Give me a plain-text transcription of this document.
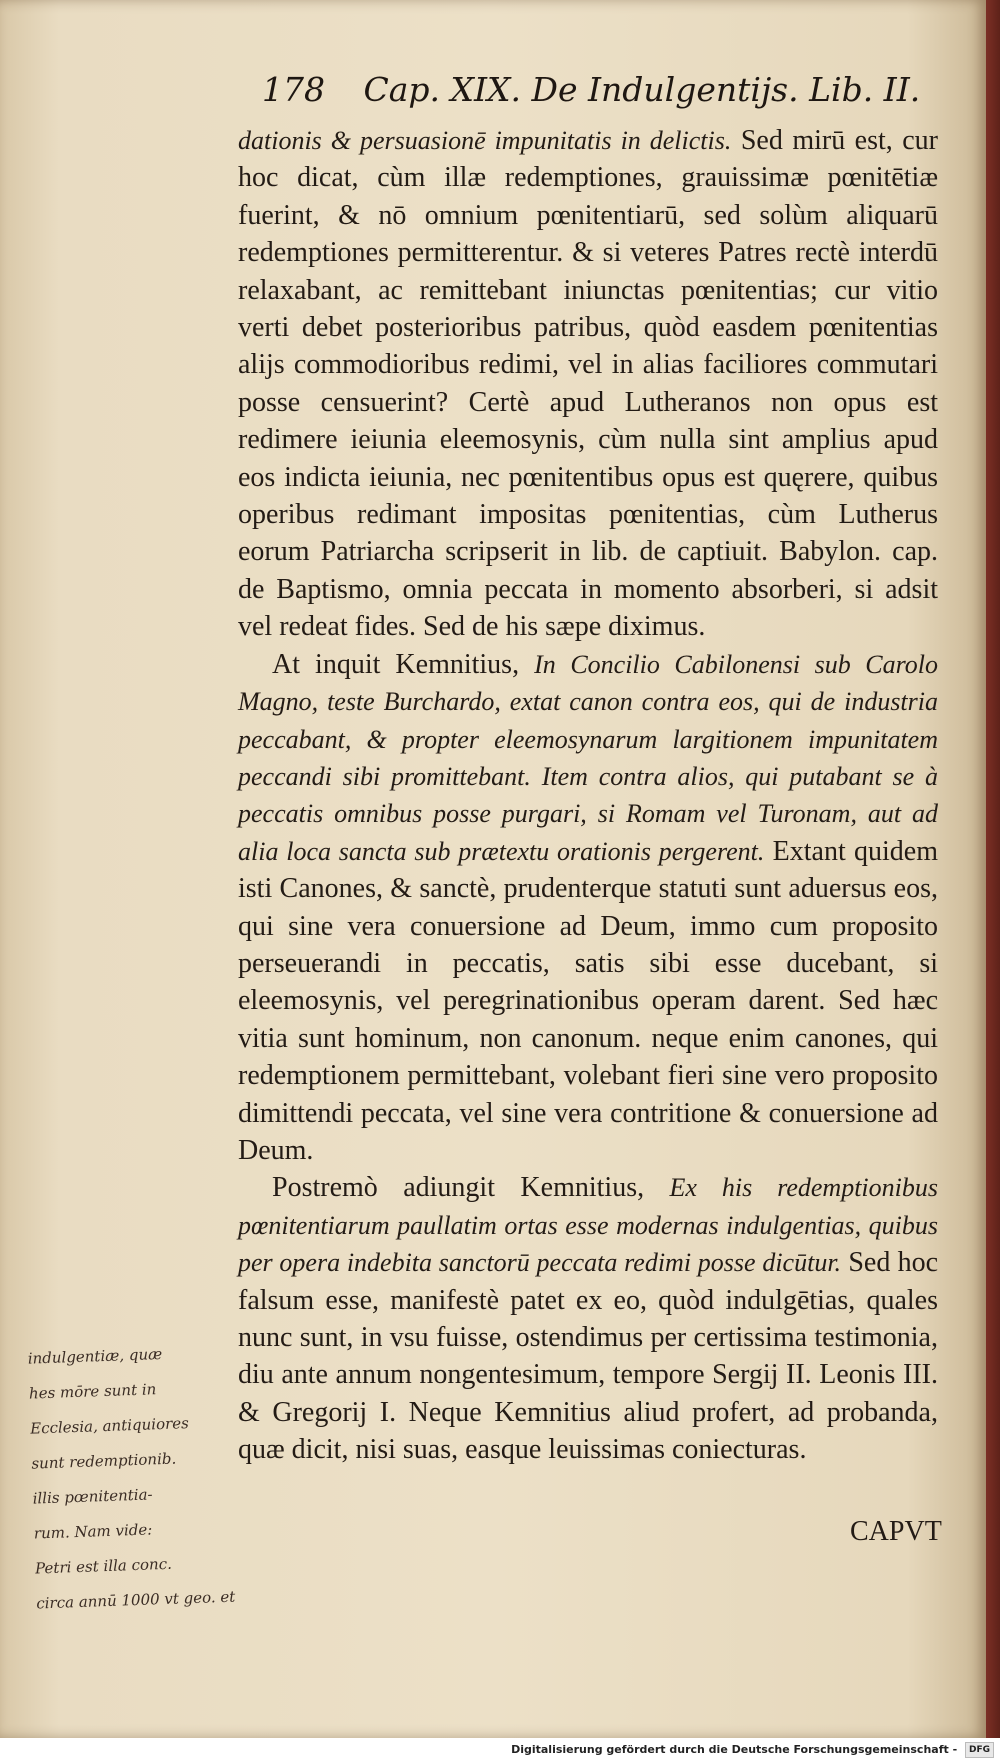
178 Cap. XIX. De Indulgentijs. Lib. II.

dationis & persuasionē impunitatis in delictis. Sed mirū est, cur hoc dicat, cùm illæ redemptiones, grauissimæ pœnitētiæ fuerint, & nō omnium pœnitentiarū, sed solùm aliquarū redemptiones permitterentur. & si veteres Patres rectè interdū relaxabant, ac remittebant iniunctas pœnitentias; cur vitio verti debet posterioribus patribus, quòd easdem pœnitentias alijs commodioribus redimi, vel in alias faciliores commutari posse censuerint? Certè apud Lutheranos non opus est redimere ieiunia eleemosynis, cùm nulla sint amplius apud eos indicta ieiunia, nec pœnitentibus opus est quęrere, quibus operibus redimant impositas pœnitentias, cùm Lutherus eorum Patriarcha scripserit in lib. de captiuit. Babylon. cap. de Baptismo, omnia peccata in momento absorberi, si adsit vel redeat fides. Sed de his sæpe diximus.

At inquit Kemnitius, In Concilio Cabilonensi sub Carolo Magno, teste Burchardo, extat canon contra eos, qui de industria peccabant, & propter eleemosynarum largitionem impunitatem peccandi sibi promittebant. Item contra alios, qui putabant se à peccatis omnibus posse purgari, si Romam vel Turonam, aut ad alia loca sancta sub prætextu orationis pergerent. Extant quidem isti Canones, & sanctè, prudenterque statuti sunt aduersus eos, qui sine vera conuersione ad Deum, immo cum proposito perseuerandi in peccatis, satis sibi esse ducebant, si eleemosynis, vel peregrinationibus operam darent. Sed hæc vitia sunt hominum, non canonum. neque enim canones, qui redemptionem permittebant, volebant fieri sine vero proposito dimittendi peccata, vel sine vera contritione & conuersione ad Deum.

Postremò adiungit Kemnitius, Ex his redemptionibus pœnitentiarum paullatim ortas esse modernas indulgentias, quibus per opera indebita sanctorū peccata redimi posse dicūtur. Sed hoc falsum esse, manifestè patet ex eo, quòd indulgētias, quales nunc sunt, in vsu fuisse, ostendimus per certissima testimonia, diu ante annum nongentesimum, tempore Sergij II. Leonis III. & Gregorij I. Neque Kemnitius aliud profert, ad probanda, quæ dicit, nisi suas, easque leuissimas coniecturas.

CAPVT
indulgentiæ, quæ
hes mōre sunt in
Ecclesia, antiquiores
sunt redemptionib.
illis pœnitentia-
rum. Nam vide:
Petri est illa conc.
circa annū 1000 vt geo. et
Digitalisierung gefördert durch die Deutsche Forschungsgemeinschaft - DFG
